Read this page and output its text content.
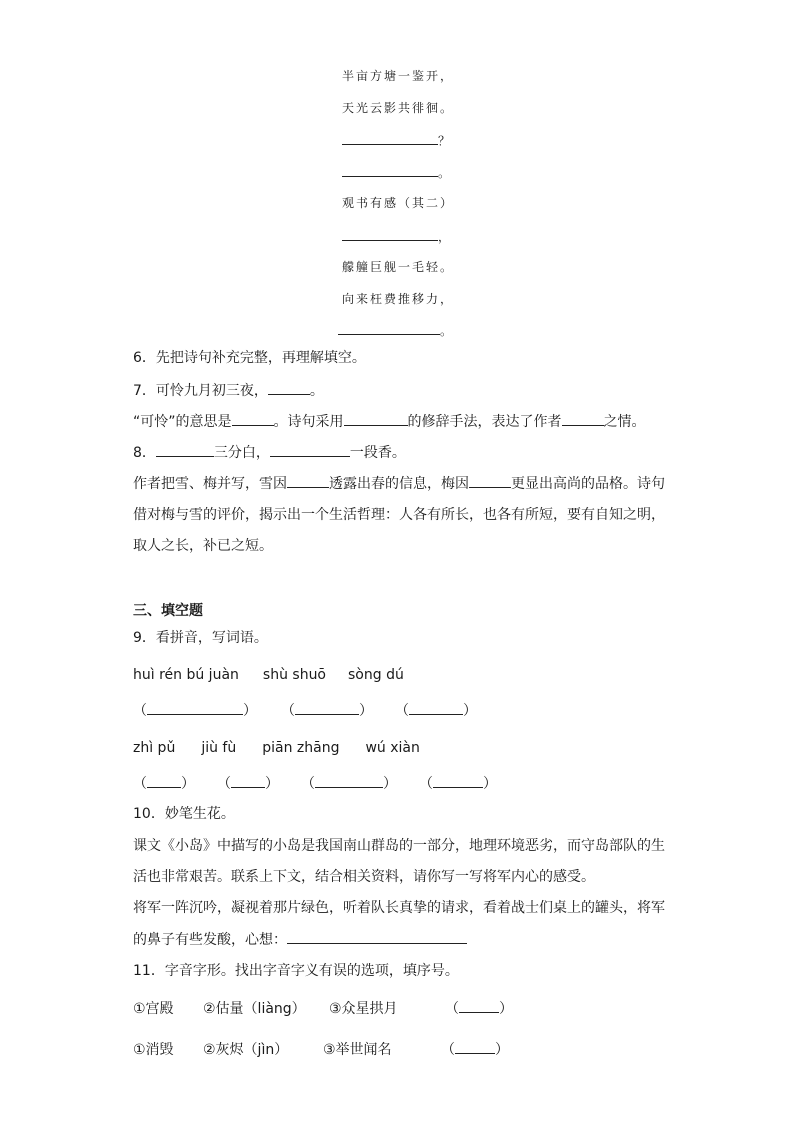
半亩方塘一鉴开，
天光云影共徘徊。
？
。
观书有感（其二）
，
艨艟巨舰一毛轻。
向来枉费推移力，
。
6．先把诗句补充完整，再理解填空。
7．可怜九月初三夜，	。
“可怜”的意思是	。诗句采用	的修辞手法，表达了作者	之情。
8．	三分白，	一段香。
作者把雪、梅并写，雪因	透露出春的信息，梅因	更显出高尚的品格。诗句
借对梅与雪的评价，揭示出一个生活哲理：人各有所长，也各有所短，要有自知之明，
取人之长，补已之短。
三、填空题
9．看拼音，写词语。
huì rén bú juàn shù shuō sòng dú
（	） （	） （	）
zhì pǔ jiù fù piān zhāng wú xiàn
（ ） （ ） （	） （	）
10．妙笔生花。
课文《小岛》中描写的小岛是我国南山群岛的一部分，地理环境恶劣，而守岛部队的生
活也非常艰苦。联系上下文，结合相关资料，请你写一写将军内心的感受。
将军一阵沉吟，凝视着那片绿色，听着队长真挚的请求，看着战士们桌上的罐头，将军
的鼻子有些发酸，心想：
11．字音字形。找出字音字义有误的选项，填序号。
①宫殿 ②估量（liàng） ③众星拱月	（	）
①消毁 ②灰烬（jìn） ③举世闻名	（	）
